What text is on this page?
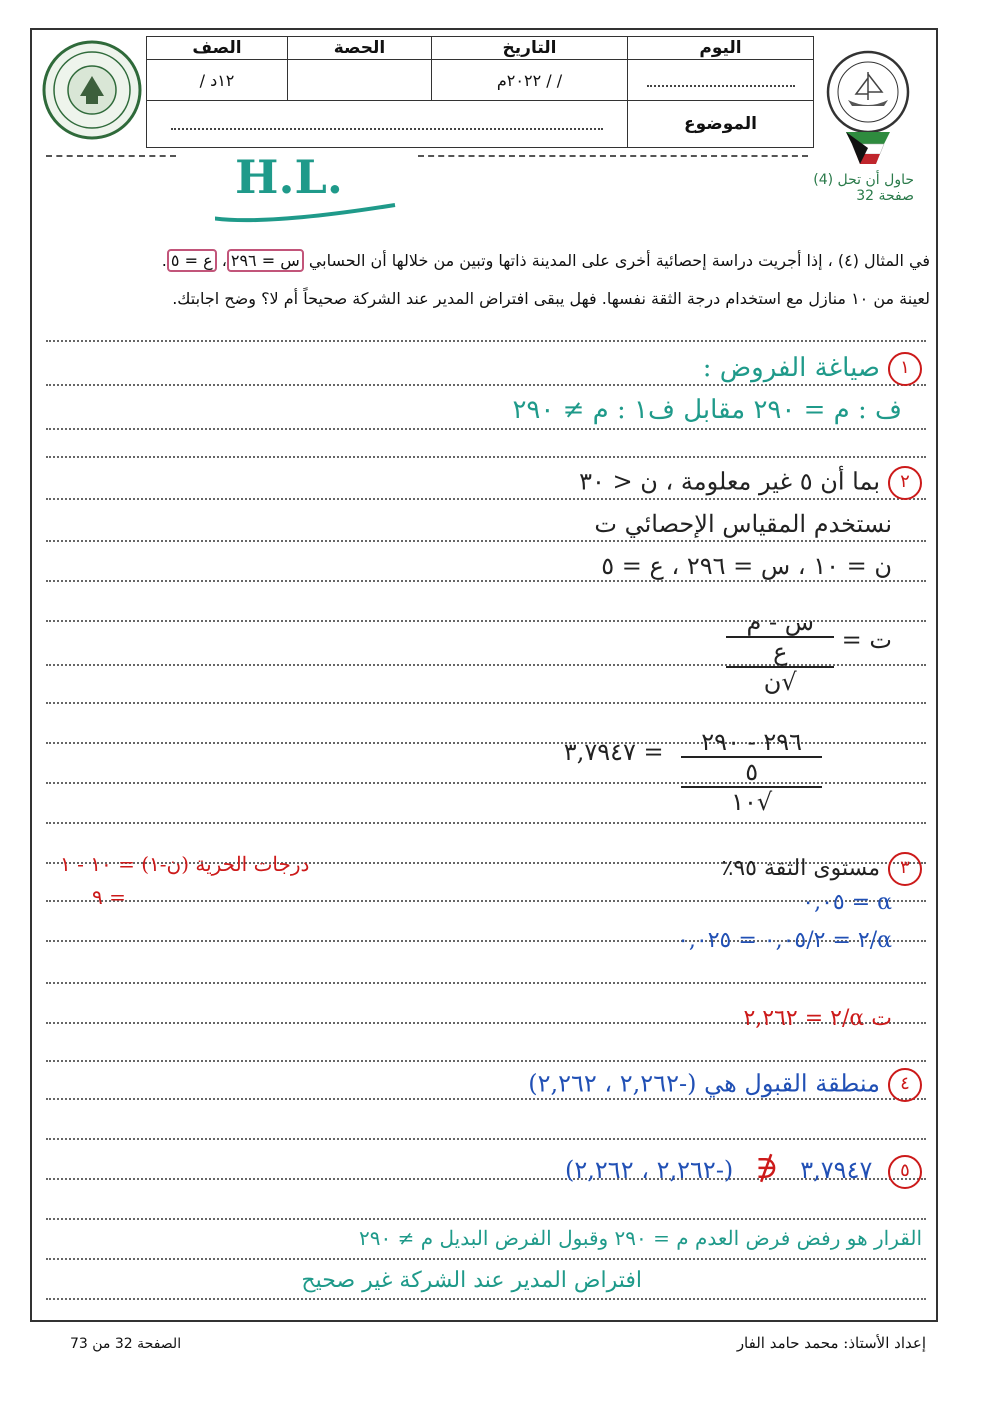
اليوم	التاريخ	الحصة	الصف
	/ / ٢٠٢٢م		١٢د /
الموضوع			
H.L.	حاول أن تحل (4)
صفحة 32
في المثال (٤) ، إذا أجريت دراسة إحصائية أخرى على المدينة ذاتها وتبين من خلالها أن الحسابي س = ٢٩٦، ع = ٥.
لعينة من ١٠ منازل مع استخدام درجة الثقة نفسها. فهل يبقى افتراض المدير عند الشركة صحيحاً أم لا؟ وضح اجابتك.
١صياغة الفروض :
ف : م = ٢٩٠ مقابل ف١ : م ≠ ٢٩٠
٢بما أن ٥ غير معلومة ، ن < ٣٠
نستخدم المقياس الإحصائي ت
ن = ١٠ ، س = ٢٩٦ ، ع = ٥
ت =
س - م
ع
√ن
٢٩٦ - ٢٩٠
٥
√١٠
= ٣,٧٩٤٧
٣مستوى الثقة ٩٥٪
درجات الحرية (ن-١) = ١٠ - ١
= ٩	α = ٠,٠٥
α/٢ = ٠,٠٥/٢ = ٠,٠٢٥
ت α/٢ = ٢,٢٦٢
٤منطقة القبول هي (-٢,٢٦٢ ، ٢,٢٦٢)
٥ ٣,٧٩٤٧ ∉ (-٢,٢٦٢ ، ٢,٢٦٢)
القرار هو رفض فرض العدم م = ٢٩٠ وقبول الفرض البديل م ≠ ٢٩٠
افتراض المدير عند الشركة غير صحيح
الصفحة 32 من 73	إعداد الأستاذ: محمد حامد الفار
